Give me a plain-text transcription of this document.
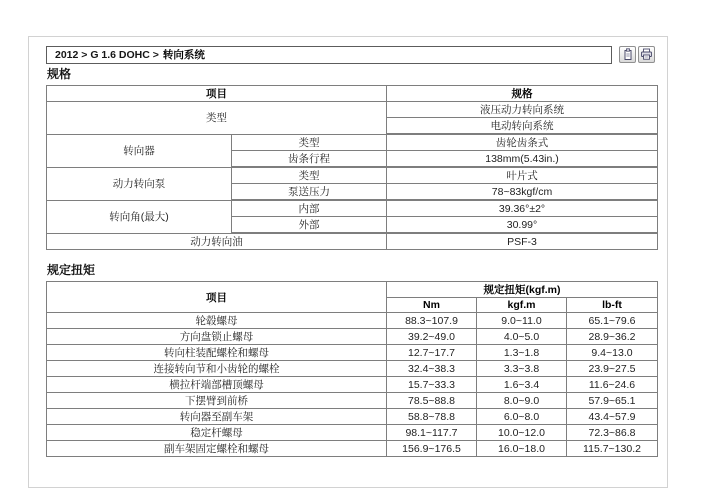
2012 > G 1.6 DOHC > 转向系统
规格
项目		规格
类型		液压动力转向系统
		电动转向系统
转向器	类型	齿轮齿条式
	齿条行程	138mm(5.43in.)
动力转向泵	类型	叶片式
	泵送压力	78~83kgf/cm
转向角(最大)	内部	39.36°±2°
	外部	30.99°
动力转向油		PSF-3
规定扭矩
项目	规定扭矩(kgf.m)		
	Nm	kgf.m	lb-ft
轮毂螺母	88.3~107.9	9.0~11.0	65.1~79.6
方向盘锁止螺母	39.2~49.0	4.0~5.0	28.9~36.2
转向柱装配螺栓和螺母	12.7~17.7	1.3~1.8	9.4~13.0
连接转向节和小齿轮的螺栓	32.4~38.3	3.3~3.8	23.9~27.5
横拉杆端部槽顶螺母	15.7~33.3	1.6~3.4	11.6~24.6
下摆臂到前桥	78.5~88.8	8.0~9.0	57.9~65.1
转向器至副车架	58.8~78.8	6.0~8.0	43.4~57.9
稳定杆螺母	98.1~117.7	10.0~12.0	72.3~86.8
副车架固定螺栓和螺母	156.9~176.5	16.0~18.0	115.7~130.2
